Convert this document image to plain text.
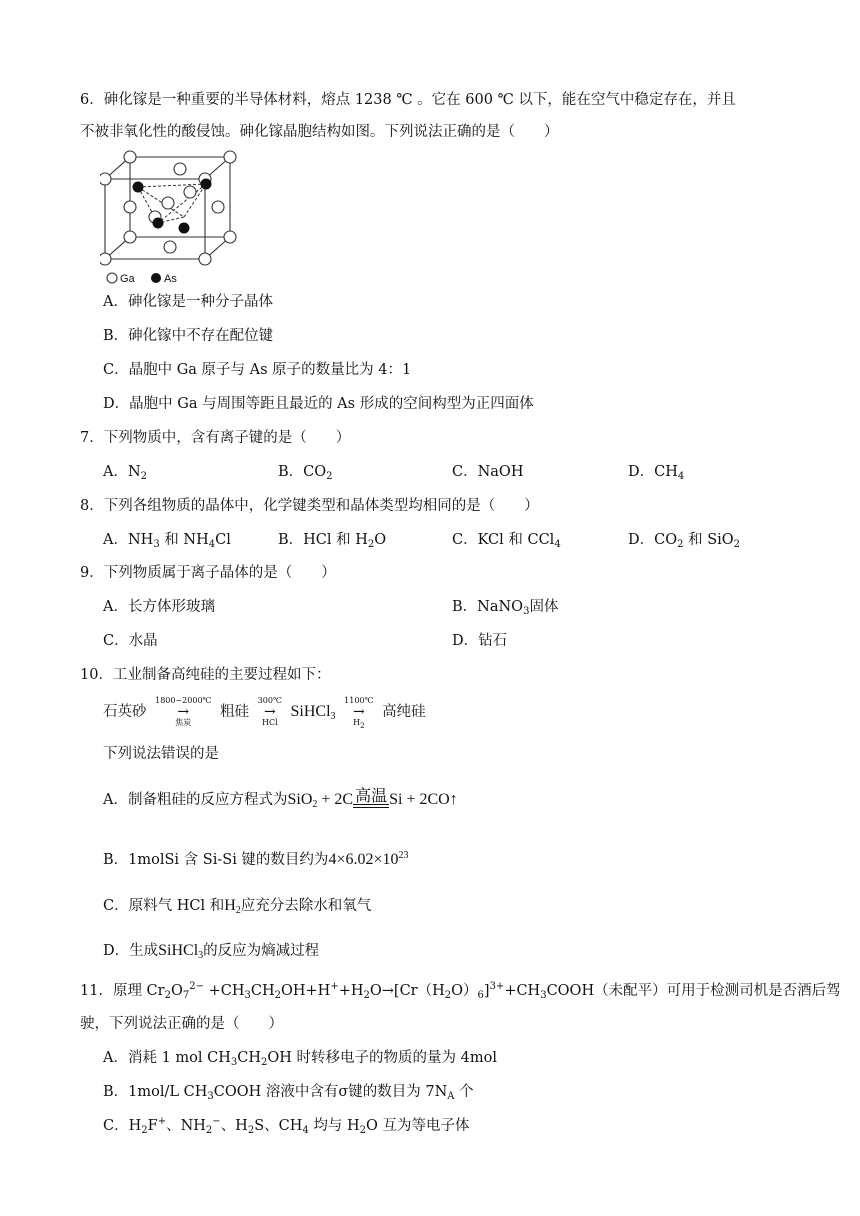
6．砷化镓是一种重要的半导体材料，熔点 1238 ℃ 。它在 600 ℃ 以下，能在空气中稳定存在，并且
不被非氧化性的酸侵蚀。砷化镓晶胞结构如图。下列说法正确的是（　　）
Ga	As
A．砷化镓是一种分子晶体
B．砷化镓中不存在配位键
C．晶胞中 Ga 原子与 As 原子的数量比为 4：1
D．晶胞中 Ga 与周围等距且最近的 As 形成的空间构型为正四面体
7．下列物质中，含有离子键的是（　　）
A．$N_2$	B．$CO_2$	C．NaOH	D．$CH_4$
8．下列各组物质的晶体中，化学键类型和晶体类型均相同的是（　　）
A．$NH_3$ 和 $NH_4Cl$	B．HCl 和 $H_2O$	C．KCl 和 CCl$_4$	D．$CO_2$ 和 SiO$_2$
9．下列物质属于离子晶体的是（　　）
A．长方体形玻璃	B．NaNO$_3$固体
C．水晶	D．钻石
10．工业制备高纯硅的主要过程如下：
石英砂
1800~2000℃
→
焦炭
粗硅
300℃
→
HCl
SiHCl$_3$
1100℃
→
$H_2$
高纯硅
下列说法错误的是
A．制备粗硅的反应方程式为SiO$_2$ + 2C 高温 Si + 2CO↑
B．1molSi 含 Si-Si 键的数目约为$4\times 6.02\times 10^{23}$
C．原料气 HCl 和$H_2$应充分去除水和氧气
D．生成SiHCl$_3$的反应为熵减过程
11．原理 $Cr_2O_7^{2-}$ $+CH_3CH_2OH+H^++H_2O\to[Cr(H_2O)_6]^{3+}+CH_3COOH$（未配平）可用于检测司机是否酒后驾
驶，下列说法正确的是（　　）
A．消耗 1 mol $CH_3CH_2OH$ 时转移电子的物质的量为 4mol
B．1mol/L $CH_3COOH$ 溶液中含有σ键的数目为 $7N_A$ 个
C．$H_2F^+$、$NH_2^-$、$H_2S$、$CH_4$ 均与 $H_2O$ 互为等电子体
